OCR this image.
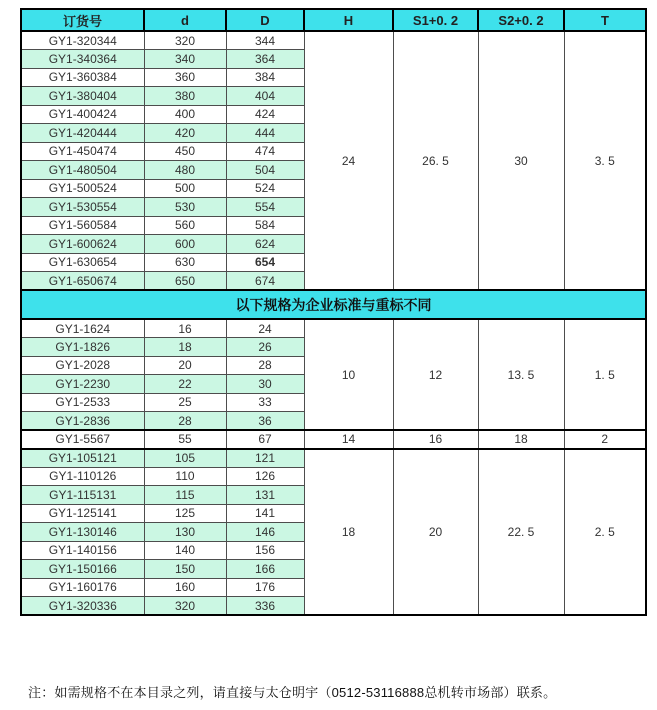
订货号	d	D	H	S1+0. 2	S2+0. 2	T
GY1-320344	320	344	24	26. 5	30	3. 5
GY1-340364	340	364				
GY1-360384	360	384				
GY1-380404	380	404				
GY1-400424	400	424				
GY1-420444	420	444				
GY1-450474	450	474				
GY1-480504	480	504				
GY1-500524	500	524				
GY1-530554	530	554				
GY1-560584	560	584				
GY1-600624	600	624				
GY1-630654	630	654				
GY1-650674	650	674				
以下规格为企业标准与重标不同						
GY1-1624	16	24	10	12	13. 5	1. 5
GY1-1826	18	26				
GY1-2028	20	28				
GY1-2230	22	30				
GY1-2533	25	33				
GY1-2836	28	36				
GY1-5567	55	67	14	16	18	2
GY1-105121	105	121	18	20	22. 5	2. 5
GY1-110126	110	126				
GY1-115131	115	131				
GY1-125141	125	141				
GY1-130146	130	146				
GY1-140156	140	156				
GY1-150166	150	166				
GY1-160176	160	176				
GY1-320336	320	336				
注：如需规格不在本目录之列，请直接与太仓明宇（0512-53116888总机转市场部）联系。
